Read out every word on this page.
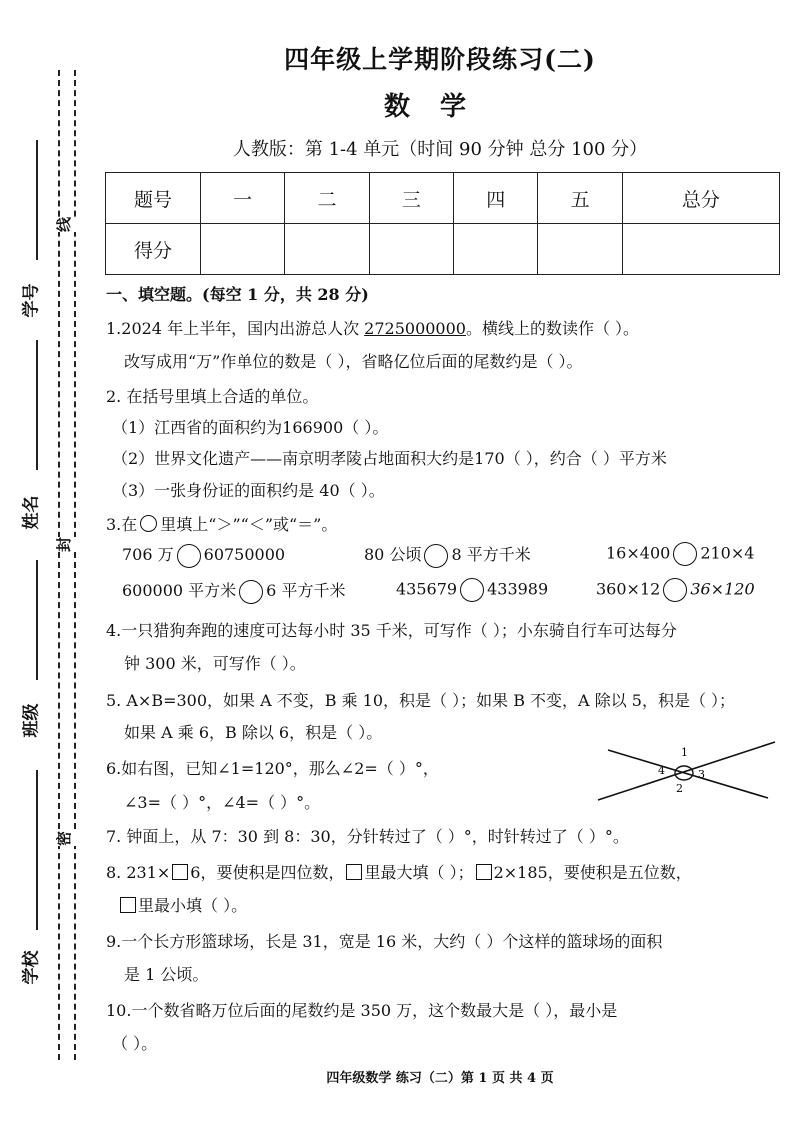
学号
姓名
班级
学校
线
封
密
四年级上学期阶段练习(二)
数学
人教版：第 1-4 单元（时间 90 分钟 总分 100 分）
题号	一	二	三	四	五	总分
得分						
一、填空题。(每空 1 分，共 28 分)
1.2024 年上半年，国内出游总人次 2725000000。横线上的数读作（ ）。
改写成用“万”作单位的数是（ ），省略亿位后面的尾数约是（ ）。
2. 在括号里填上合适的单位。
（1）江西省的面积约为166900（ ）。
（2）世界文化遗产——南京明孝陵占地面积大约是170（ ），约合（ ）平方米
（3）一张身份证的面积约是 40（ ）。
3.在 里填上“＞”“＜”或“＝”。
706 万 60750000	80 公顷 8 平方千米	16×400 210×4
600000 平方米 6 平方千米	435679 433989	360×12 36×120
4.一只猎狗奔跑的速度可达每小时 35 千米，可写作（ ）；小东骑自行车可达每分
钟 300 米，可写作（ ）。
5. A×B=300，如果 A 不变，B 乘 10，积是（ ）；如果 B 不变，A 除以 5，积是（ ）；
如果 A 乘 6，B 除以 6，积是（ ）。
6.如右图，已知∠1=120°，那么∠2=（ ）°，
∠3=（ ）°，∠4=（ ）°。
1
2
3
4
7. 钟面上，从 7：30 到 8：30，分针转过了（ ）°，时针转过了（ ）°。
8. 231× 6，要使积是四位数， 里最大填（ ）； 2×185，要使积是五位数，
里最小填（ ）。
9.一个长方形篮球场，长是 31，宽是 16 米，大约（ ）个这样的篮球场的面积
是 1 公顷。
10.一个数省略万位后面的尾数约是 350 万，这个数最大是（ ），最小是
（ ）。
四年级数学 练习（二）第 1 页 共 4 页
